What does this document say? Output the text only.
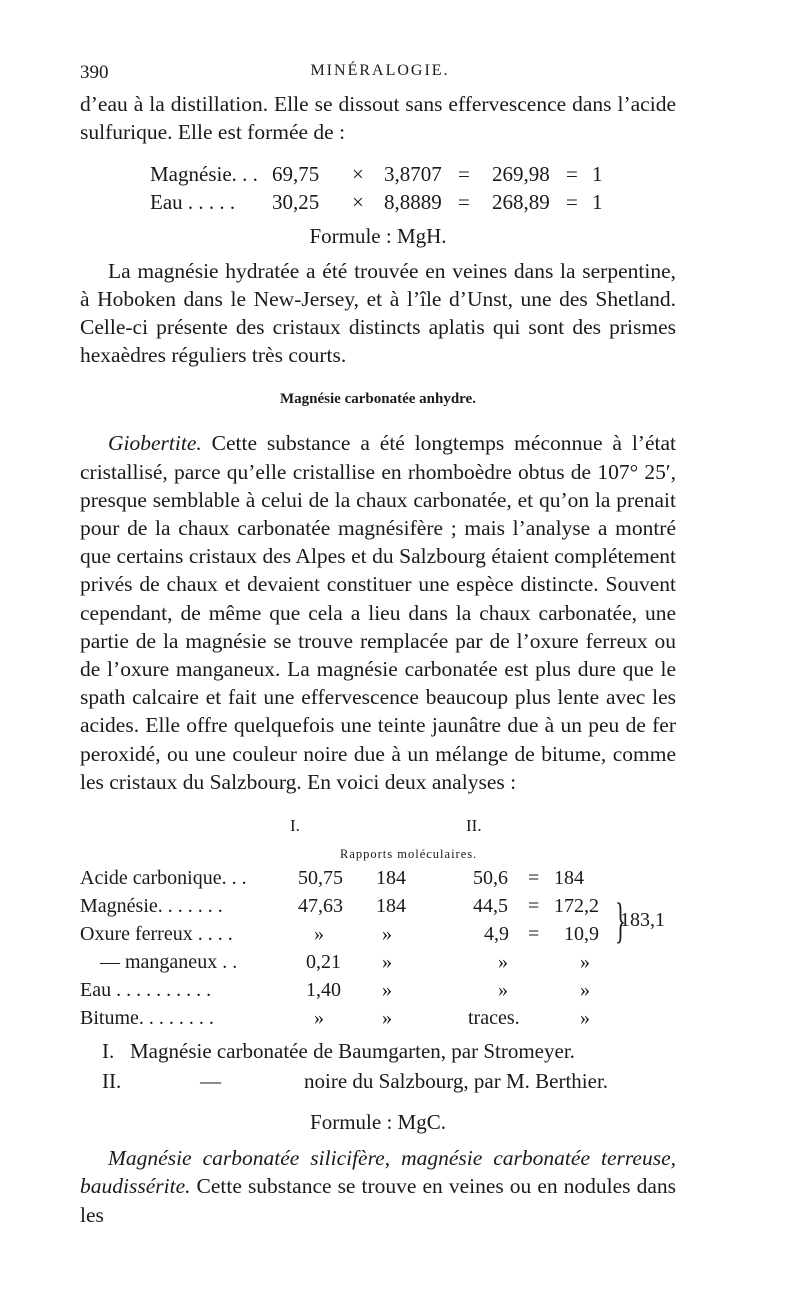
390	MINÉRALOGIE.

d’eau à la distillation. Elle se dissout sans effervescence dans l’acide sulfurique. Elle est formée de :

Magnésie. . . 69,75 × 3,8707 = 269,98 = 1
Eau . . . . . 30,25 × 8,8889 = 268,89 = 1
Formule : MgH.

La magnésie hydratée a été trouvée en veines dans la serpentine, à Hoboken dans le New-Jersey, et à l’île d’Unst, une des Shetland. Celle-ci présente des cristaux distincts aplatis qui sont des prismes hexaèdres réguliers très courts.

Magnésie carbonatée anhydre.

Giobertite. Cette substance a été longtemps méconnue à l’état cristallisé, parce qu’elle cristallise en rhomboèdre obtus de 107° 25′, presque semblable à celui de la chaux carbonatée, et qu’on la prenait pour de la chaux carbonatée magnésifère ; mais l’analyse a montré que certains cristaux des Alpes et du Salzbourg étaient complétement privés de chaux et devaient constituer une espèce distincte. Souvent cependant, de même que cela a lieu dans la chaux carbonatée, une partie de la magnésie se trouve remplacée par de l’oxure ferreux ou de l’oxure manganeux. La magnésie carbonatée est plus dure que le spath calcaire et fait une effervescence beaucoup plus lente avec les acides. Elle offre quelquefois une teinte jaunâtre due à un peu de fer peroxidé, ou une couleur noire due à un mélange de bitume, comme les cristaux du Salzbourg. En voici deux analyses :

I.	II.
Rapports moléculaires.
Acide carbonique. . .	50,75 184	50,6 = 184
Magnésie. . . . . . .	47,63 184	44,5 = 172,2
Oxure ferreux . . . .	»	»	4,9 = 10,9
— manganeux . .	0,21 »	»	»
Eau . . . . . . . . . .	1,40 »	»	»
Bitume. . . . . . . .	»	»	traces.	»
}
183,1
I. Magnésie carbonatée de Baumgarten, par Stromeyer.
II.	—	noire du Salzbourg, par M. Berthier.
Formule : MgC.

Magnésie carbonatée silicifère, magnésie carbonatée terreuse, baudissérite. Cette substance se trouve en veines ou en nodules dans les
